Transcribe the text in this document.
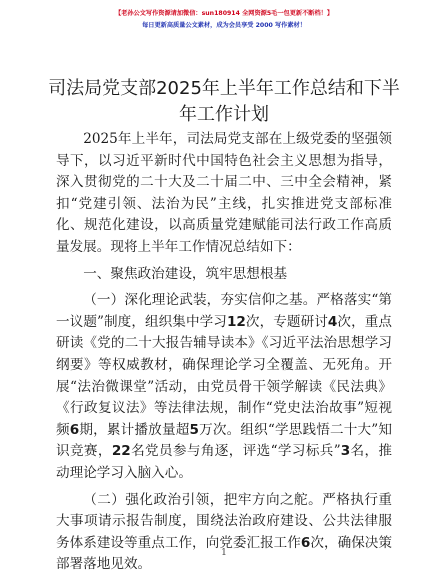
【老孙公文写作资源请加微信：sun180914 全网资源5毛一包更新不断档！】
每日更新高质量公文素材，成为会员享受 2000 写作素材！
司法局党支部2025年上半年工作总结和下半年工作计划

2025年上半年，司法局党支部在上级党委的坚强领导下，以习近平新时代中国特色社会主义思想为指导，深入贯彻党的二十大及二十届二中、三中全会精神，紧扣“党建引领、法治为民”主线，扎实推进党支部标准化、规范化建设，以高质量党建赋能司法行政工作高质量发展。现将上半年工作情况总结如下：

一、聚焦政治建设，筑牢思想根基

（一）深化理论武装，夯实信仰之基。严格落实“第一议题”制度，组织集中学习12次，专题研讨4次，重点研读《党的二十大报告辅导读本》《习近平法治思想学习纲要》等权威教材，确保理论学习全覆盖、无死角。开展“法治微课堂”活动，由党员骨干领学解读《民法典》《行政复议法》等法律法规，制作“党史法治故事”短视频6期，累计播放量超5万次。组织“学思践悟二十大”知识竞赛，22名党员参与角逐，评选“学习标兵”3名，推动理论学习入脑入心。

（二）强化政治引领，把牢方向之舵。严格执行重大事项请示报告制度，围绕法治政府建设、公共法律服务体系建设等重点工作，向党委汇报工作6次，确保决策部署落地见效。

1
